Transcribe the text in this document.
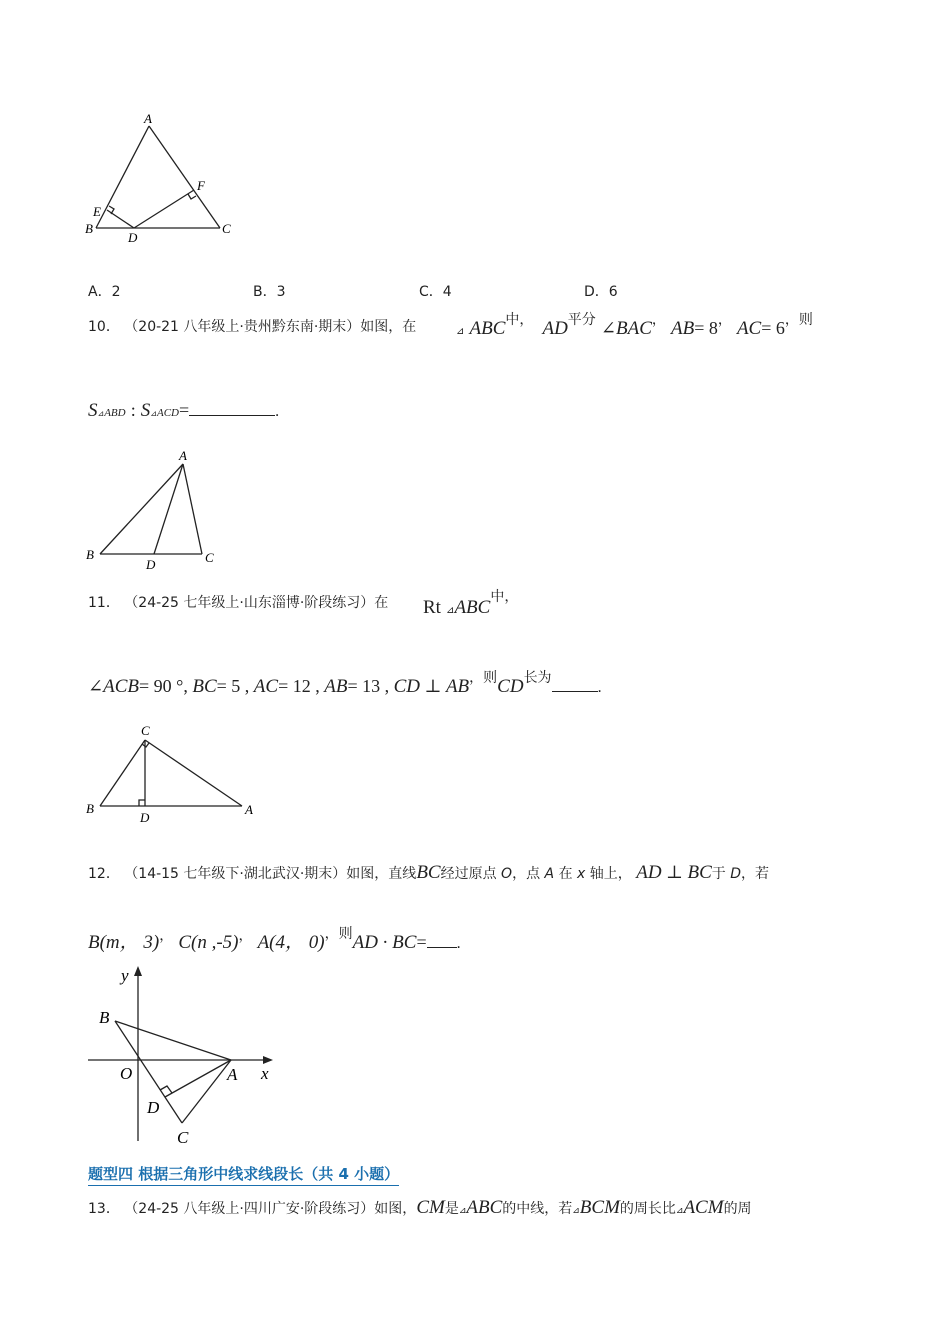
A
F
E
B
D
C
A．2	B．3	C．4	D．6
10． （20-21 八年级上·贵州黔东南·期末）如图，在	⊿ ABC中， AD平分 ∠BAC， AB= 8， AC= 6，则
S⊿ABD : S⊿ACD=	.
A
B
D	C
11． （24-25 七年级上·山东淄博·阶段练习）在 Rt ⊿ABC中，
∠ACB= 90 °, BC= 5 , AC= 12 , AB= 13 , CD ⊥ AB，则CD长为.
C
B
D
A
12． （14-15 七年级下·湖北武汉·期末）如图，直线BC经过原点 O，点 A 在 x 轴上， AD ⊥ BC于 D，若
B(m， 3)， C(n ,-5)， A(4， 0)，则AD · BC= .
y
x
B
O	A
D
C
题型四 根据三角形中线求线段长（共 4 小题）
13． （24-25 八年级上·四川广安·阶段练习）如图，CM是⊿ABC的中线，若⊿BCM的周长比⊿ACM的周
